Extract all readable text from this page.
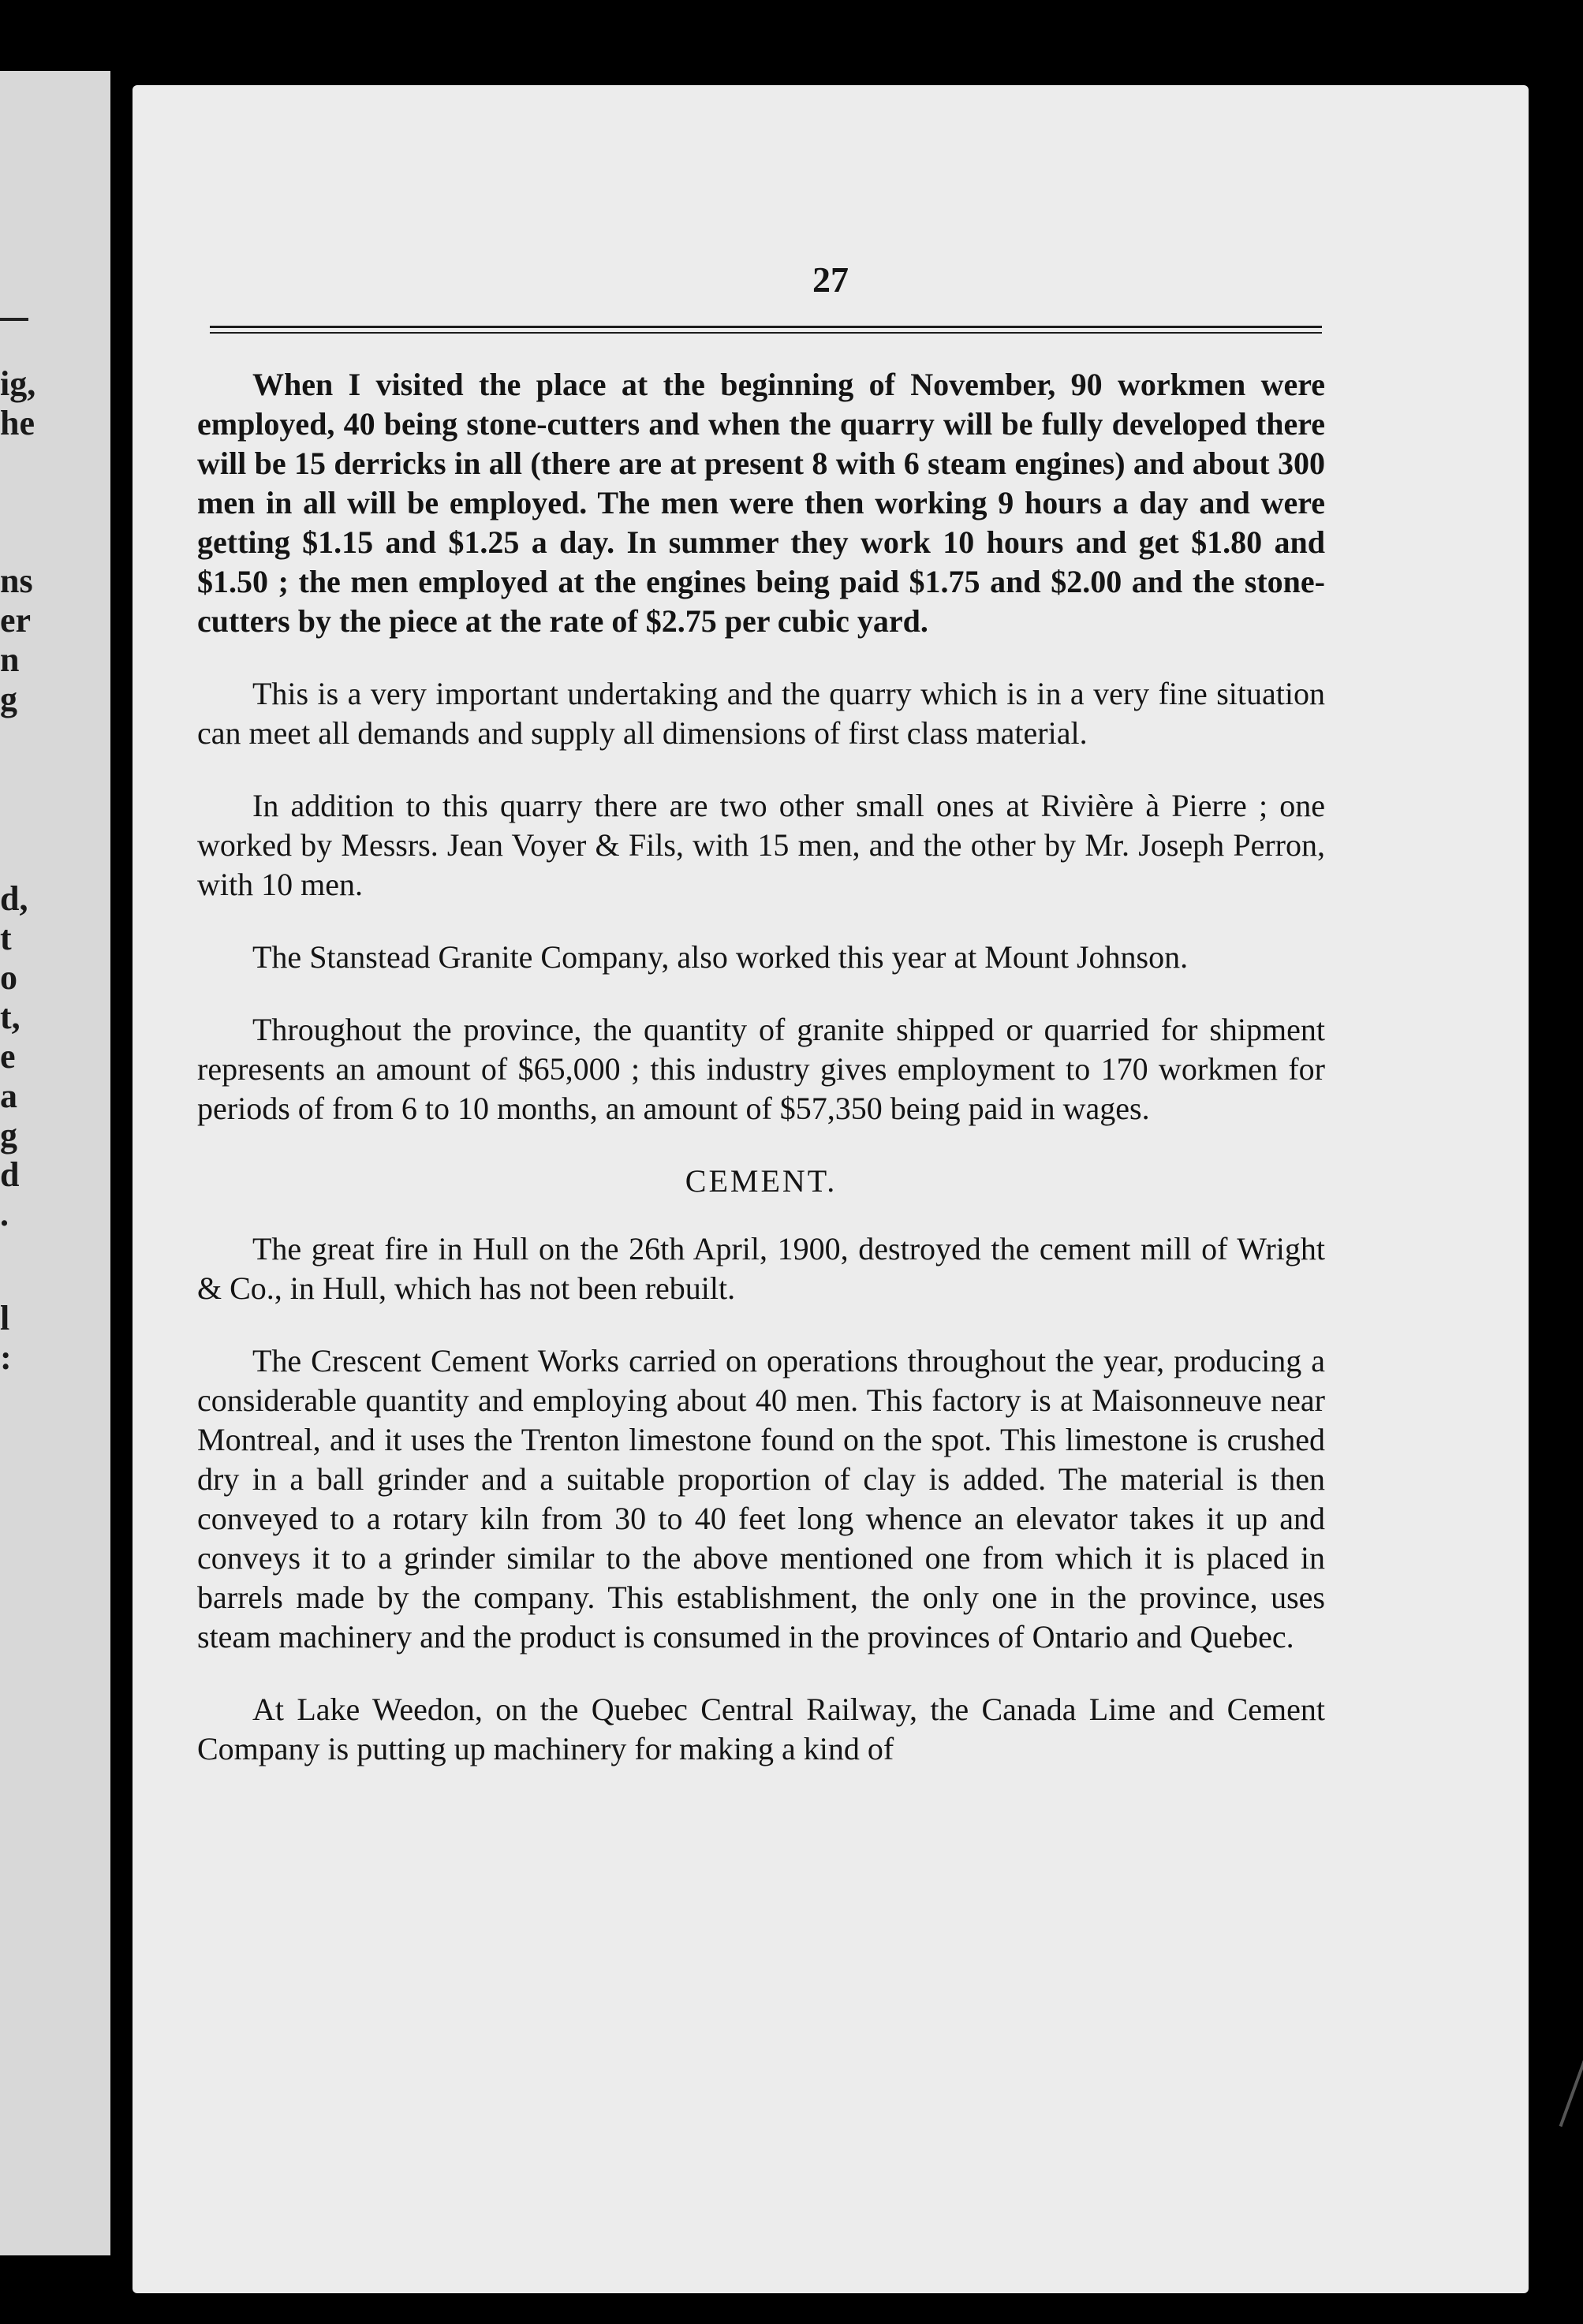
ig,
he
ns
er
n
g
d,
t
o
t,
e
a
g
d
.
l
:
27

When I visited the place at the beginning of November, 90 workmen were employed, 40 being stone-cutters and when the quarry will be fully developed there will be 15 derricks in all (there are at present 8 with 6 steam engines) and about 300 men in all will be employed. The men were then working 9 hours a day and were getting $1.15 and $1.25 a day. In summer they work 10 hours and get $1.80 and $1.50 ; the men employed at the engines being paid $1.75 and $2.00 and the stone-cutters by the piece at the rate of $2.75 per cubic yard.

This is a very important undertaking and the quarry which is in a very fine situation can meet all demands and supply all dimensions of first class material.

In addition to this quarry there are two other small ones at Rivière à Pierre ; one worked by Messrs. Jean Voyer & Fils, with 15 men, and the other by Mr. Joseph Perron, with 10 men.

The Stanstead Granite Company, also worked this year at Mount Johnson.

Throughout the province, the quantity of granite shipped or quarried for shipment represents an amount of $65,000 ; this industry gives employment to 170 workmen for periods of from 6 to 10 months, an amount of $57,350 being paid in wages.

CEMENT.

The great fire in Hull on the 26th April, 1900, destroyed the cement mill of Wright & Co., in Hull, which has not been rebuilt.

The Crescent Cement Works carried on operations throughout the year, producing a considerable quantity and employing about 40 men. This factory is at Maisonneuve near Montreal, and it uses the Trenton limestone found on the spot. This limestone is crushed dry in a ball grinder and a suitable proportion of clay is added. The material is then conveyed to a rotary kiln from 30 to 40 feet long whence an elevator takes it up and conveys it to a grinder similar to the above mentioned one from which it is placed in barrels made by the company. This establishment, the only one in the province, uses steam machinery and the product is consumed in the provinces of Ontario and Quebec.

At Lake Weedon, on the Quebec Central Railway, the Canada Lime and Cement Company is putting up machinery for making a kind of
